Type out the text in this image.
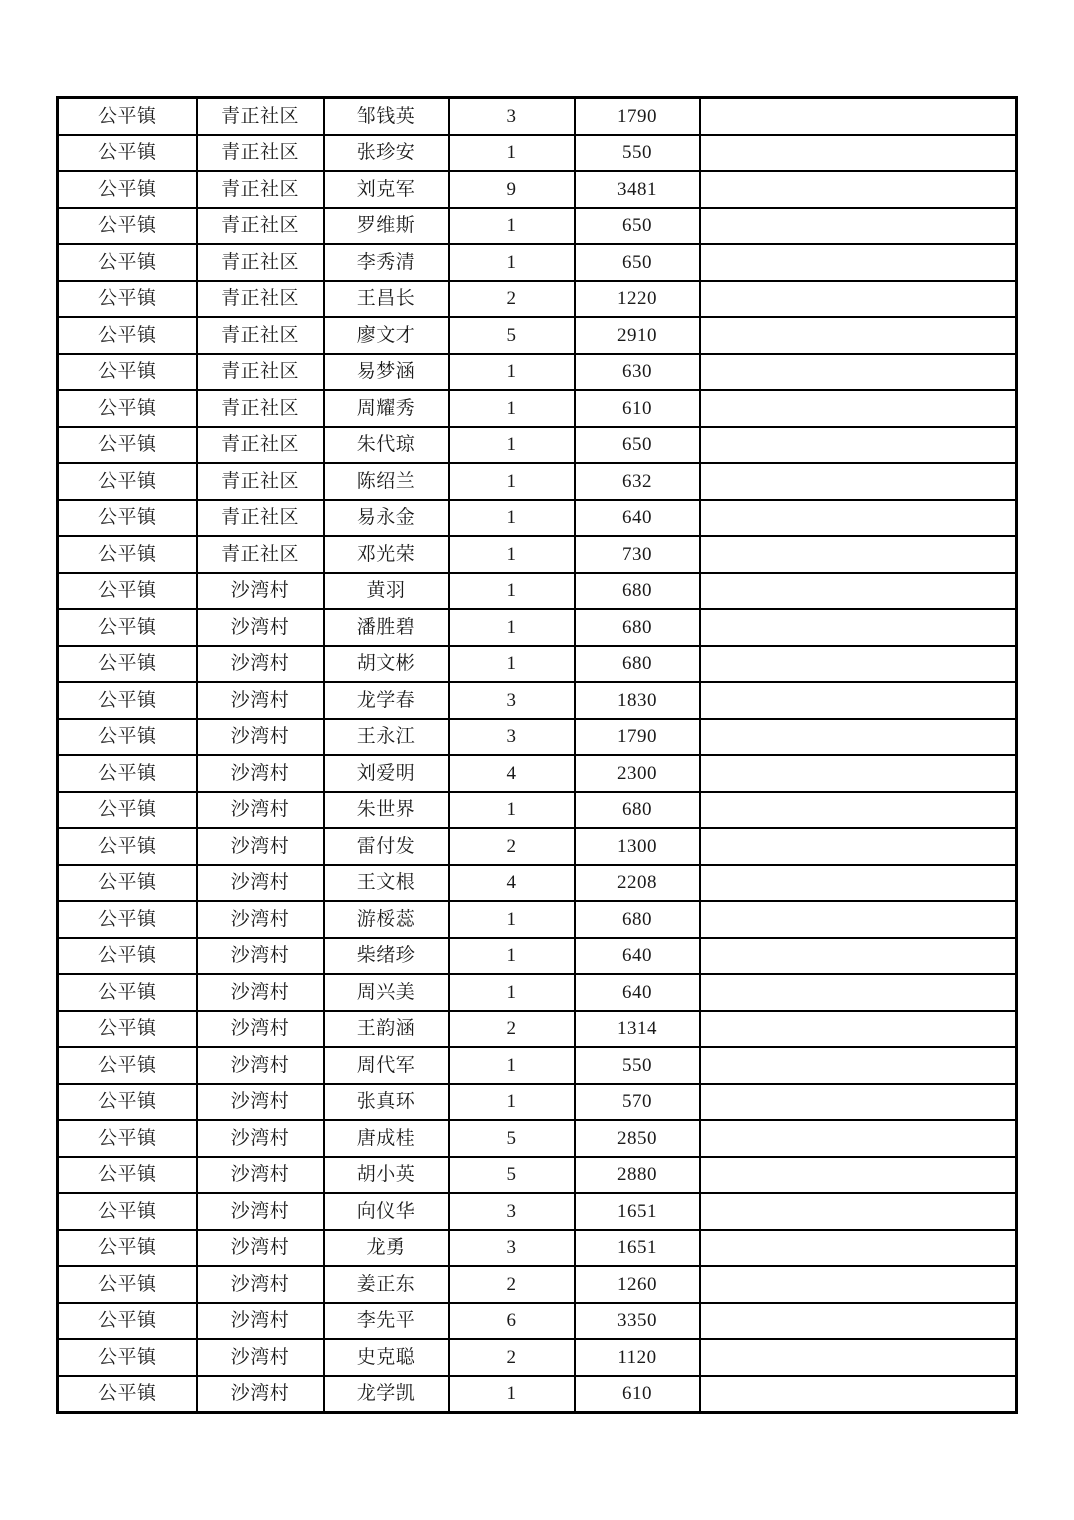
公平镇	青正社区	邹钱英	3	1790	
公平镇	青正社区	张珍安	1	550	
公平镇	青正社区	刘克军	9	3481	
公平镇	青正社区	罗维斯	1	650	
公平镇	青正社区	李秀清	1	650	
公平镇	青正社区	王昌长	2	1220	
公平镇	青正社区	廖文才	5	2910	
公平镇	青正社区	易梦涵	1	630	
公平镇	青正社区	周耀秀	1	610	
公平镇	青正社区	朱代琼	1	650	
公平镇	青正社区	陈绍兰	1	632	
公平镇	青正社区	易永金	1	640	
公平镇	青正社区	邓光荣	1	730	
公平镇	沙湾村	黄羽	1	680	
公平镇	沙湾村	潘胜碧	1	680	
公平镇	沙湾村	胡文彬	1	680	
公平镇	沙湾村	龙学春	3	1830	
公平镇	沙湾村	王永江	3	1790	
公平镇	沙湾村	刘爱明	4	2300	
公平镇	沙湾村	朱世界	1	680	
公平镇	沙湾村	雷付发	2	1300	
公平镇	沙湾村	王文根	4	2208	
公平镇	沙湾村	游桵蕊	1	680	
公平镇	沙湾村	柴绪珍	1	640	
公平镇	沙湾村	周兴美	1	640	
公平镇	沙湾村	王韵涵	2	1314	
公平镇	沙湾村	周代军	1	550	
公平镇	沙湾村	张真环	1	570	
公平镇	沙湾村	唐成桂	5	2850	
公平镇	沙湾村	胡小英	5	2880	
公平镇	沙湾村	向仪华	3	1651	
公平镇	沙湾村	龙勇	3	1651	
公平镇	沙湾村	姜正东	2	1260	
公平镇	沙湾村	李先平	6	3350	
公平镇	沙湾村	史克聪	2	1120	
公平镇	沙湾村	龙学凯	1	610	
